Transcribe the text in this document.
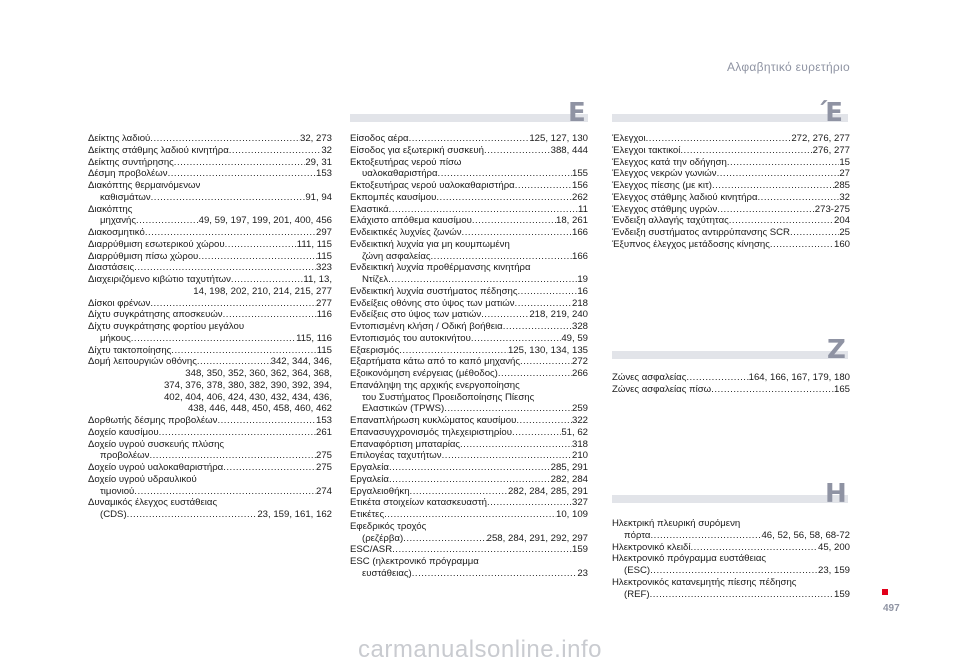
Αλφαβητικό ευρετήριο
Ε	Έ
Ζ
Η
Δείκτης λαδιού .....	32, 273
Δείκτης στάθμης λαδιού κινητήρα .....	32
Δείκτης συντήρησης .....	29, 31
Δέσμη προβολέων .....	153
Διακόπτης θερμαινόμενων
καθισμάτων .....	91, 94
Διακόπτης
μηχανής .....	49, 59, 197, 199, 201, 400, 456
Διακοσμητικό .....	297
Διαρρύθμιση εσωτερικού χώρου .....	111, 115
Διαρρύθμιση πίσω χώρου .....	115
Διαστάσεις .....	323
Διαχειριζόμενο κιβώτιο ταχυτήτων .....	11, 13,
14, 198, 202, 210, 214, 215, 277
Δίσκοι φρένων .....	277
Δίχτυ συγκράτησης αποσκευών .....	116
Δίχτυ συγκράτησης φορτίου μεγάλου
μήκους .....	115, 116
Δίχτυ τακτοποίησης .....	115
Δομή λειτουργιών οθόνης .....	342, 344, 346,
348, 350, 352, 360, 362, 364, 368,
374, 376, 378, 380, 382, 390, 392, 394,
402, 404, 406, 424, 430, 432, 434, 436,
438, 446, 448, 450, 458, 460, 462
Δορθωτής δέσμης προβολέων .....	153
Δοχείο καυσίμου .....	261
Δοχείο υγρού συσκευής πλύσης
προβολέων .....	275
Δοχείο υγρού υαλοκαθαριστήρα .....	275
Δοχείο υγρού υδραυλικού
τιμονιού .....	274
Δυναμικός έλεγχος ευστάθειας
(CDS) .....	23, 159, 161, 162
Είσοδος αέρα .....	125, 127, 130
Είσοδος για εξωτερική συσκευή .....	388, 444
Εκτοξευτήρας νερού πίσω
υαλοκαθαριστήρα .....	155
Εκτοξευτήρας νερού υαλοκαθαριστήρα .....	156
Εκπομπές καυσίμου .....	262
Ελαστικά .....	11
Ελάχιστο απόθεμα καυσίμου .....	18, 261
Ενδεικτικές λυχνίες ζωνών .....	166
Ενδεικτική λυχνία για μη κουμπωμένη
ζώνη ασφαλείας .....	166
Ενδεικτική λυχνία προθέρμανσης κινητήρα
Ντίζελ .....	19
Ενδεικτική λυχνία συστήματος πέδησης .....	16
Ενδείξεις οθόνης στο ύψος των ματιών .....	218
Ενδείξεις στο ύψος των ματιών .....	218, 219, 240
Εντοπισμένη κλήση / Οδική βοήθεια .....	328
Εντοπισμός του αυτοκινήτου .....	49, 59
Εξαερισμός .....	125, 130, 134, 135
Εξαρτήματα κάτω από το καπό μηχανής .....	272
Εξοικονόμηση ενέργειας (μέθοδος) .....	266
Επανάληψη της αρχικής ενεργοποίησης
του Συστήματος Προειδοποίησης Πίεσης
Ελαστικών (TPWS) .....	259
Επαναπλήρωση κυκλώματος καυσίμου .....	322
Επανασυγχρονισμός τηλεχειριστηρίου .....	51, 62
Επαναφόρτιση μπαταρίας .....	318
Επιλογέας ταχυτήτων .....	210
Εργαλεία .....	285, 291
Εργαλεία .....	282, 284
Εργαλειοθήκη .....	282, 284, 285, 291
Ετικέτα στοιχείων κατασκευαστή .....	327
Ετικέτες .....	10, 109
Εφεδρικός τροχός
(ρεζέρβα) .....	258, 284, 291, 292, 297
ESC/ASR .....	159
ESC (ηλεκτρονικό πρόγραμμα
ευστάθειας) .....	23
Έλεγχοι .....	272, 276, 277
Έλεγχοι τακτικοί .....	276, 277
Έλεγχος κατά την οδήγηση .....	15
Έλεγχος νεκρών γωνιών .....	27
Έλεγχος πίεσης (με κιτ) .....	285
Έλεγχος στάθμης λαδιού κινητήρα .....	32
Έλεγχος στάθμης υγρών .....	273-275
Ένδειξη αλλαγής ταχύτητας .....	204
Ένδειξη συστήματος αντιρρύπανσης SCR .....	25
Έξυπνος έλεγχος μετάδοσης κίνησης .....	160
Ζώνες ασφαλείας .....	164, 166, 167, 179, 180
Ζώνες ασφαλείας πίσω .....	165
Ηλεκτρική πλευρική συρόμενη
πόρτα .....	46, 52, 56, 58, 68-72
Ηλεκτρονικό κλειδί .....	45, 200
Ηλεκτρονικό πρόγραμμα ευστάθειας
(ESC) .....	23, 159
Ηλεκτρονικός κατανεμητής πίεσης πέδησης
(REF) .....	159
497
carmanualsonline.info
